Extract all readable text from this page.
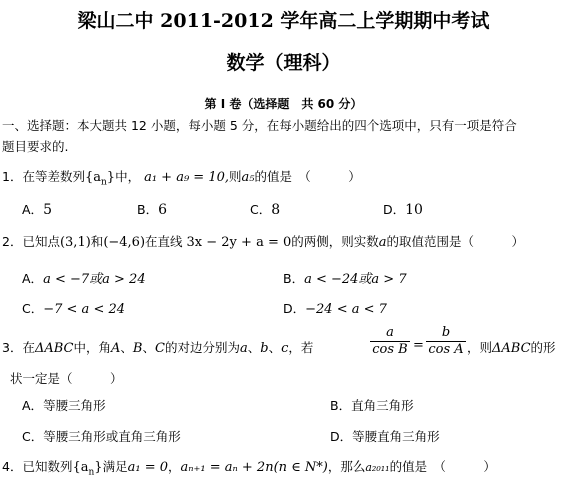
梁山二中 2011-2012 学年高二上学期期中考试
数学（理科）
第 I 卷（选择题　共 60 分）
一、选择题：本大题共 12 小题，每小题 5 分，在每小题给出的四个选项中，只有一项是符合
题目要求的.
1．在等差数列$\{a_n\}$中， a₁ + a₉ = 10,则a₅的值是　（　　　）
A．5	B．6	C．8	D．10
2．已知点(3,1)和(−4,6)在直线 3x − 2y + a = 0的两侧，则实数a的取值范围是（　　　）
A．a < −7或a > 24	B．a < −24或a > 7
C．−7 < a < 24	D．−24 < a < 7
3．在ΔABC中，角A、B、C的对边分别为a、b、c，若
a
cos B =
b
cos A ，则ΔABC的形
状一定是（　　　）
A．等腰三角形	B．直角三角形
C．等腰三角形或直角三角形	D．等腰直角三角形
4．已知数列$\{a_n\}$满足a₁ = 0，aₙ₊₁ = aₙ + 2n(n ∈ N*)，那么a₂₀₁₁的值是　（　　　）
